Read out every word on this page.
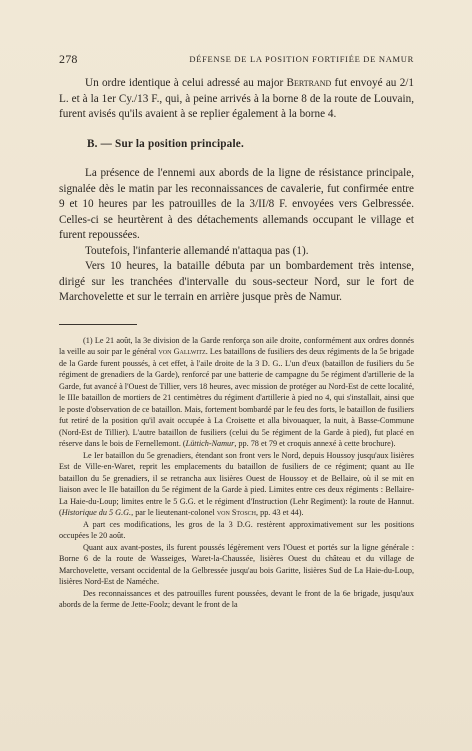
278	DÉFENSE DE LA POSITION FORTIFIÉE DE NAMUR

Un ordre identique à celui adressé au major Bertrand fut envoyé au 2/1 L. et à la 1er Cy./13 F., qui, à peine arrivés à la borne 8 de la route de Louvain, furent avisés qu'ils avaient à se replier également à la borne 4.

B. — Sur la position principale.

La présence de l'ennemi aux abords de la ligne de résistance principale, signalée dès le matin par les reconnaissances de cavalerie, fut confirmée entre 9 et 10 heures par les patrouilles de la 3/II/8 F. envoyées vers Gelbressée. Celles-ci se heurtèrent à des détachements allemands occupant le village et furent repoussées.

Toutefois, l'infanterie allemandé n'attaqua pas (1).

Vers 10 heures, la bataille débuta par un bombardement très intense, dirigé sur les tranchées d'intervalle du sous-secteur Nord, sur le fort de Marchovelette et sur le terrain en arrière jusque près de Namur.

(1) Le 21 août, la 3e division de la Garde renforça son aile droite, conformément aux ordres donnés la veille au soir par le général von Gallwitz. Les bataillons de fusiliers des deux régiments de la 5e brigade de la Garde furent poussés, à cet effet, à l'aile droite de la 3 D. G.. L'un d'eux (bataillon de fusiliers du 5e régiment de grenadiers de la Garde), renforcé par une batterie de campagne du 5e régiment d'artillerie de la Garde, fut avancé à l'Ouest de Tillier, vers 18 heures, avec mission de protéger au Nord-Est de cette localité, le IIIe bataillon de mortiers de 21 centimètres du régiment d'artillerie à pied no 4, qui s'installait, ainsi que le poste d'observation de ce bataillon. Mais, fortement bombardé par le feu des forts, le bataillon de fusiliers fut retiré de la position qu'il avait occupée à La Croisette et alla bivouaquer, la nuit, à Basse-Commune (Nord-Est de Tillier). L'autre bataillon de fusiliers (celui du 5e régiment de la Garde à pied), fut placé en réserve dans le bois de Fernellemont. (Lüttich-Namur, pp. 78 et 79 et croquis annexé à cette brochure).

Le Ier bataillon du 5e grenadiers, étendant son front vers le Nord, depuis Houssoy jusqu'aux lisières Est de Ville-en-Waret, reprit les emplacements du bataillon de fusiliers de ce régiment; quant au IIe bataillon du 5e grenadiers, il se retrancha aux lisières Ouest de Houssoy et de Bellaire, où il se mit en liaison avec le IIe bataillon du 5e régiment de la Garde à pied. Limites entre ces deux régiments : Bellaire-La Haie-du-Loup; limites entre le 5 G.G. et le régiment d'Instruction (Lehr Regiment): la route de Hannut. (Historique du 5 G.G., par le lieutenant-colonel von Stosch, pp. 43 et 44).

A part ces modifications, les gros de la 3 D.G. restèrent approximativement sur les positions occupées le 20 août.

Quant aux avant-postes, ils furent poussés légèrement vers l'Ouest et portés sur la ligne générale : Borne 6 de la route de Wasseiges, Waret-la-Chaussée, lisières Ouest du château et du village de Marchovelette, versant occidental de la Gelbressée jusqu'au bois Garitte, lisières Sud de La Haie-du-Loup, lisières Nord-Est de Naméche.

Des reconnaissances et des patrouilles furent poussées, devant le front de la 6e brigade, jusqu'aux abords de la ferme de Jette-Foolz; devant le front de la
